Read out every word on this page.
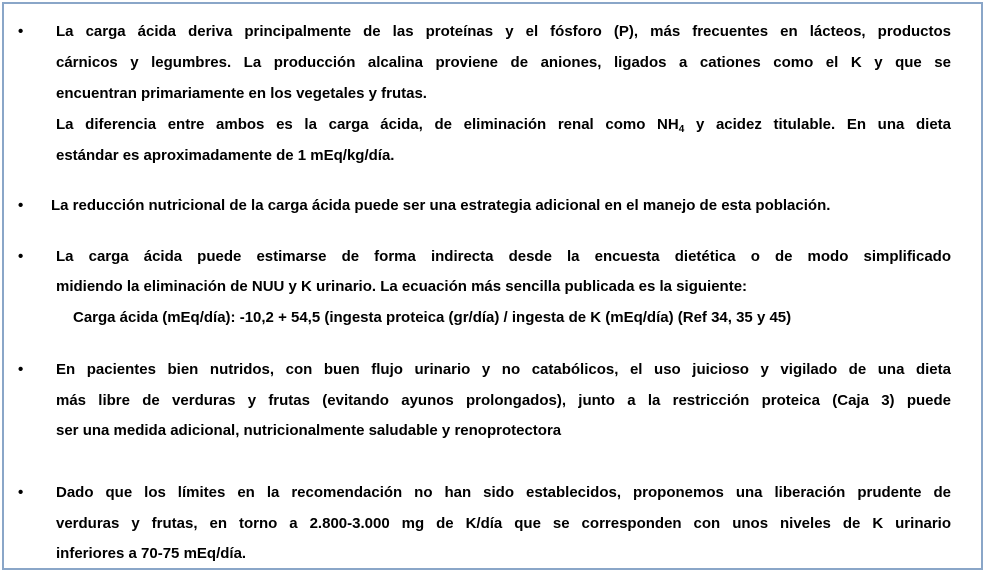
• La carga ácida deriva principalmente de las proteínas y el fósforo (P), más frecuentes en lácteos, productos
cárnicos y legumbres. La producción alcalina proviene de aniones, ligados a cationes como el K y que se
encuentran primariamente en los vegetales y frutas.
La diferencia entre ambos es la carga ácida, de eliminación renal como $NH_4$ y acidez titulable. En una dieta
estándar es aproximadamente de 1 mEq/kg/día.
• La reducción nutricional de la carga ácida puede ser una estrategia adicional en el manejo de esta población.
• La carga ácida puede estimarse de forma indirecta desde la encuesta dietética o de modo simplificado
midiendo la eliminación de NUU y K urinario. La ecuación más sencilla publicada es la siguiente:
Carga ácida (mEq/día): -10,2 + 54,5 (ingesta proteica (gr/día) / ingesta de K (mEq/día) (Ref 34, 35 y 45)
• En pacientes bien nutridos, con buen flujo urinario y no catabólicos, el uso juicioso y vigilado de una dieta
más libre de verduras y frutas (evitando ayunos prolongados), junto a la restricción proteica (Caja 3) puede
ser una medida adicional, nutricionalmente saludable y renoprotectora
• Dado que los límites en la recomendación no han sido establecidos, proponemos una liberación prudente de
verduras y frutas, en torno a 2.800-3.000 mg de K/día que se corresponden con unos niveles de K urinario
inferiores a 70-75 mEq/día.
